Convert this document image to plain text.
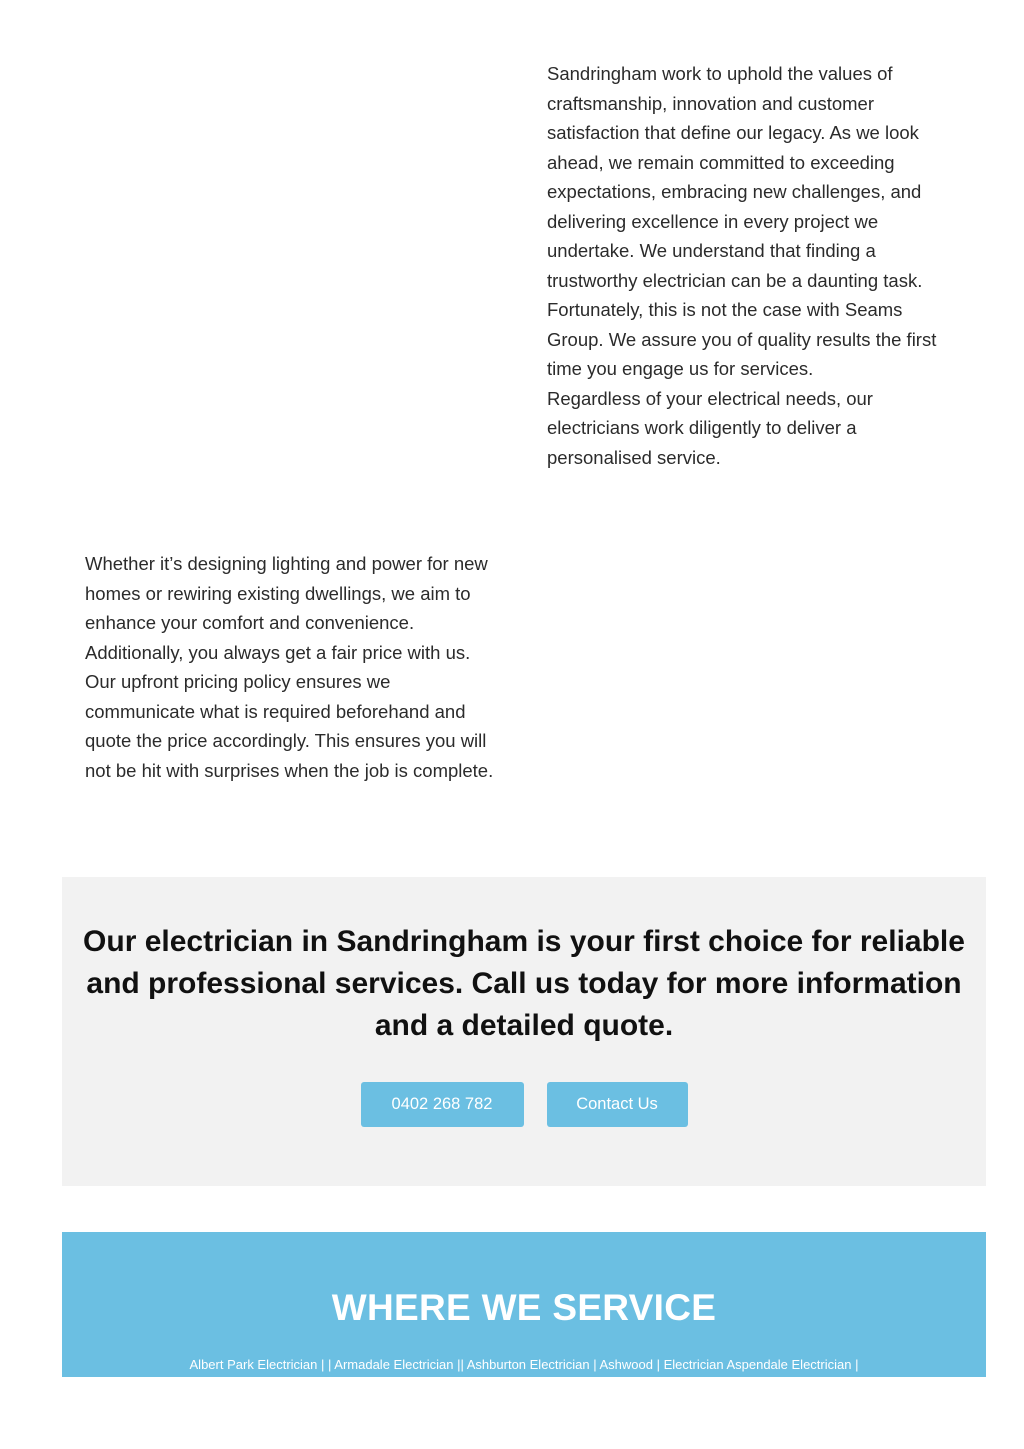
Sandringham work to uphold the values of craftsmanship, innovation and customer satisfaction that define our legacy. As we look ahead, we remain committed to exceeding expectations, embracing new challenges, and delivering excellence in every project we undertake. We understand that finding a trustworthy electrician can be a daunting task. Fortunately, this is not the case with Seams Group. We assure you of quality results the first time you engage us for services.

Regardless of your electrical needs, our electricians work diligently to deliver a personalised service.

Whether it’s designing lighting and power for new homes or rewiring existing dwellings, we aim to enhance your comfort and convenience. Additionally, you always get a fair price with us. Our upfront pricing policy ensures we communicate what is required beforehand and quote the price accordingly. This ensures you will not be hit with surprises when the job is complete.

Our electrician in Sandringham is your first choice for reliable and professional services. Call us today for more information and a detailed quote.
0402 268 782	Contact Us
WHERE WE SERVICE
Albert Park Electrician | | Armadale Electrician || Ashburton Electrician | Ashwood | Electrician Aspendale Electrician |
